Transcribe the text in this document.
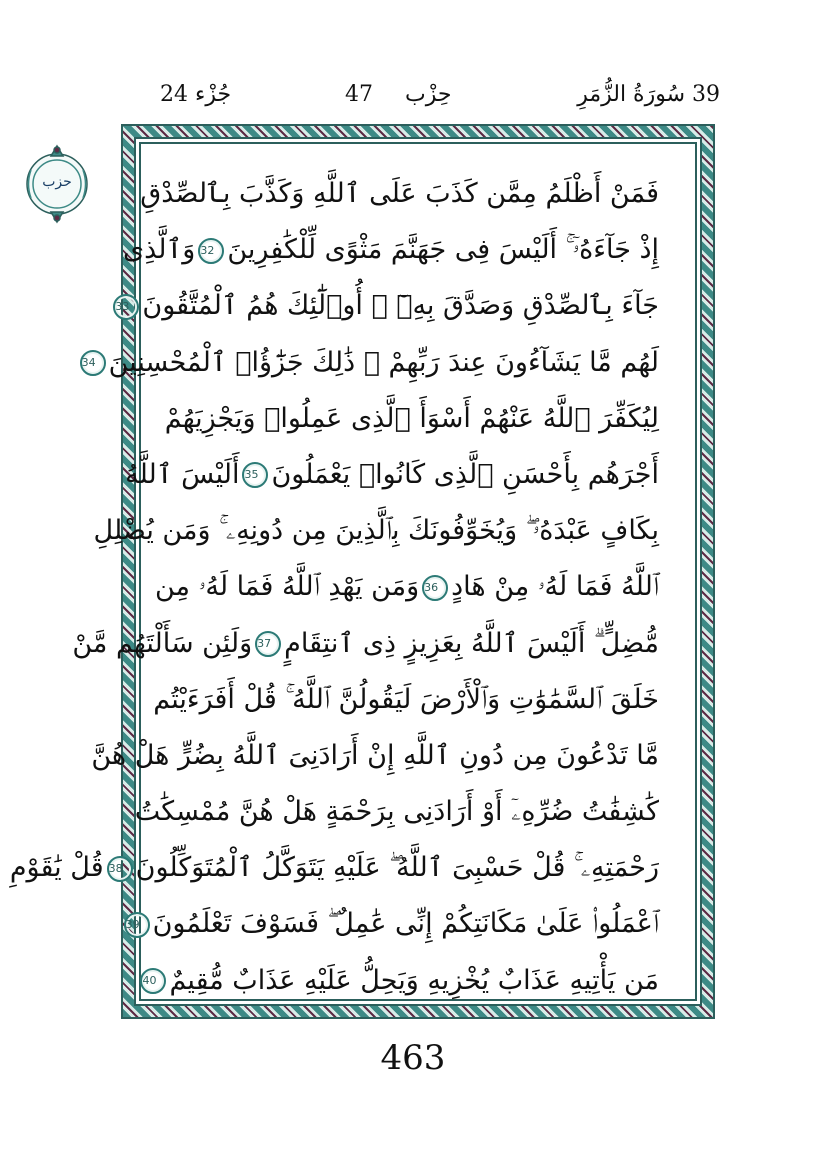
39 سُورَةُ الزُّمَرِ
حِزْب
47
جُزْء 24
حزب	فَمَنْ أَظْلَمُ مِمَّن كَذَبَ عَلَى ٱللَّهِ وَكَذَّبَ بِٱلصِّدْقِ
إِذْ جَآءَهُۥٓ ۚ أَلَيْسَ فِى جَهَنَّمَ مَثْوًى لِّلْكَٰفِرِينَ32وَٱلَّذِى
جَآءَ بِٱلصِّدْقِ وَصَدَّقَ بِهِۦٓ ۙ أُو۟لَٰٓئِكَ هُمُ ٱلْمُتَّقُونَ33
لَهُم مَّا يَشَآءُونَ عِندَ رَبِّهِمْ ۚ ذَٰلِكَ جَزَٰٓؤُا۟ ٱلْمُحْسِنِينَ34
لِيُكَفِّرَ ٱللَّهُ عَنْهُمْ أَسْوَأَ ٱلَّذِى عَمِلُوا۟ وَيَجْزِيَهُمْ
أَجْرَهُم بِأَحْسَنِ ٱلَّذِى كَانُوا۟ يَعْمَلُونَ35أَلَيْسَ ٱللَّهُ
بِكَافٍ عَبْدَهُۥ ۖ وَيُخَوِّفُونَكَ بِٱلَّذِينَ مِن دُونِهِۦ ۚ وَمَن يُضْلِلِ
ٱللَّهُ فَمَا لَهُۥ مِنْ هَادٍ36وَمَن يَهْدِ ٱللَّهُ فَمَا لَهُۥ مِن
مُّضِلٍّ ۗ أَلَيْسَ ٱللَّهُ بِعَزِيزٍ ذِى ٱنتِقَامٍ37وَلَئِن سَأَلْتَهُم مَّنْ
خَلَقَ ٱلسَّمَٰوَٰتِ وَٱلْأَرْضَ لَيَقُولُنَّ ٱللَّهُ ۚ قُلْ أَفَرَءَيْتُم
مَّا تَدْعُونَ مِن دُونِ ٱللَّهِ إِنْ أَرَادَنِىَ ٱللَّهُ بِضُرٍّ هَلْ هُنَّ
كَٰشِفَٰتُ ضُرِّهِۦٓ أَوْ أَرَادَنِى بِرَحْمَةٍ هَلْ هُنَّ مُمْسِكَٰتُ
رَحْمَتِهِۦ ۚ قُلْ حَسْبِىَ ٱللَّهُ ۖ عَلَيْهِ يَتَوَكَّلُ ٱلْمُتَوَكِّلُونَ38قُلْ يَٰقَوْمِ
ٱعْمَلُوا۟ عَلَىٰ مَكَانَتِكُمْ إِنِّى عَٰمِلٌ ۖ فَسَوْفَ تَعْلَمُونَ39
مَن يَأْتِيهِ عَذَابٌ يُخْزِيهِ وَيَحِلُّ عَلَيْهِ عَذَابٌ مُّقِيمٌ40
463
